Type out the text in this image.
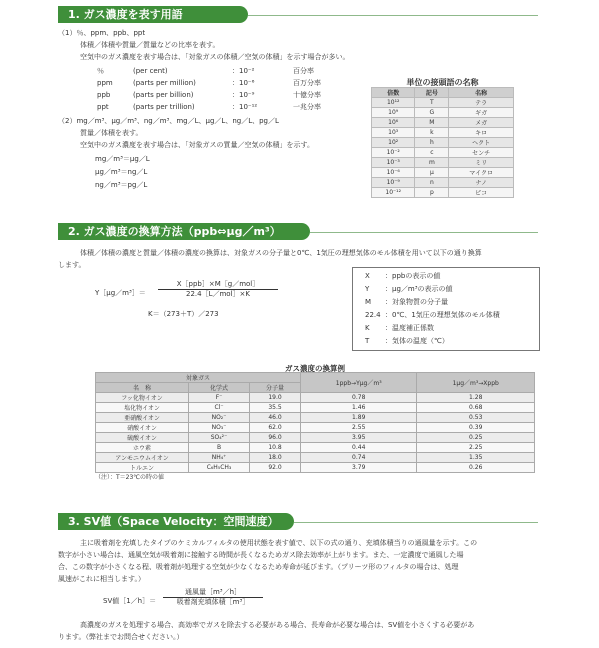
1. ガス濃度を表す用語
（1）％、ppm、ppb、ppt
体積／体積や質量／質量などの比率を表す。
空気中のガス濃度を表す場合は、「対象ガスの体積／空気の体積」を示す場合が多い。
％	(per cent)	：10⁻²	百分率
ppm	(parts per million)	：10⁻⁶	百万分率
ppb	(parts per billion)	：10⁻⁹	十億分率
ppt	(parts per trillion)	：10⁻¹²	一兆分率
（2）mg／m³、μg／m³、ng／m³、mg／L、μg／L、ng／L、pg／L
質量／体積を表す。
空気中のガス濃度を表す場合は、「対象ガスの質量／空気の体積」を示す。
mg／m³＝μg／L
μg／m³＝ng／L
ng／m³＝pg／L
単位の接頭語の名称
倍数	記号	名称
10¹²	T	テラ
10⁹	G	ギガ
10⁶	M	メガ
10³	k	キロ
10²	h	ヘクト
10⁻²	c	センチ
10⁻³	m	ミリ
10⁻⁶	μ	マイクロ
10⁻⁹	n	ナノ
10⁻¹²	p	ピコ
2. ガス濃度の換算方法（ppb⇔μg／m³）
体積／体積の濃度と質量／体積の濃度の換算は、対象ガスの分子量と0℃、1気圧の理想気体のモル体積を用いて以下の通り換算
します。
Y［μg／m³］＝
X［ppb］×M［g／mol］
22.4［L／mol］×K
K＝（273＋T）／273
X ：ppbの表示の値
Y ：μg／m³の表示の値
M ：対象物質の分子量
22.4 ：0℃、1気圧の理想気体のモル体積
K ：温度補正係数
T ：気体の温度（℃）
ガス濃度の換算例
対象ガス			1ppb→Yμg／m³	1μg／m³→Xppb
名　称	化学式	分子量		
フッ化物イオン	F⁻	19.0	0.78	1.28
塩化物イオン	Cl⁻	35.5	1.46	0.68
亜硝酸イオン	NO₂⁻	46.0	1.89	0.53
硝酸イオン	NO₃⁻	62.0	2.55	0.39
硫酸イオン	SO₄²⁻	96.0	3.95	0.25
ホウ素	B	10.8	0.44	2.25
アンモニウムイオン	NH₄⁺	18.0	0.74	1.35
トルエン	C₆H₅CH₃	92.0	3.79	0.26
（注）：T＝23℃の時の値
3. SV値（Space Velocity：空間速度）
主に吸着剤を充填したタイプのケミカルフィルタの使用状態を表す値で、以下の式の通り、充填体積当りの通風量を示す。この
数字が小さい場合は、通風空気が吸着剤に接触する時間が長くなるためガス除去効率が上がります。また、一定濃度で通風した場
合、この数字が小さくなる程、吸着剤が処理する空気が少なくなるため寿命が延びます。（プリーツ形のフィルタの場合は、処理
風速がこれに相当します。）
SV値［1／h］＝
通風量［m³／h］
吸着剤充填体積［m³］
高濃度のガスを処理する場合、高効率でガスを除去する必要がある場合、長寿命が必要な場合は、SV値を小さくする必要があ
ります。（弊社までお問合せください。）
